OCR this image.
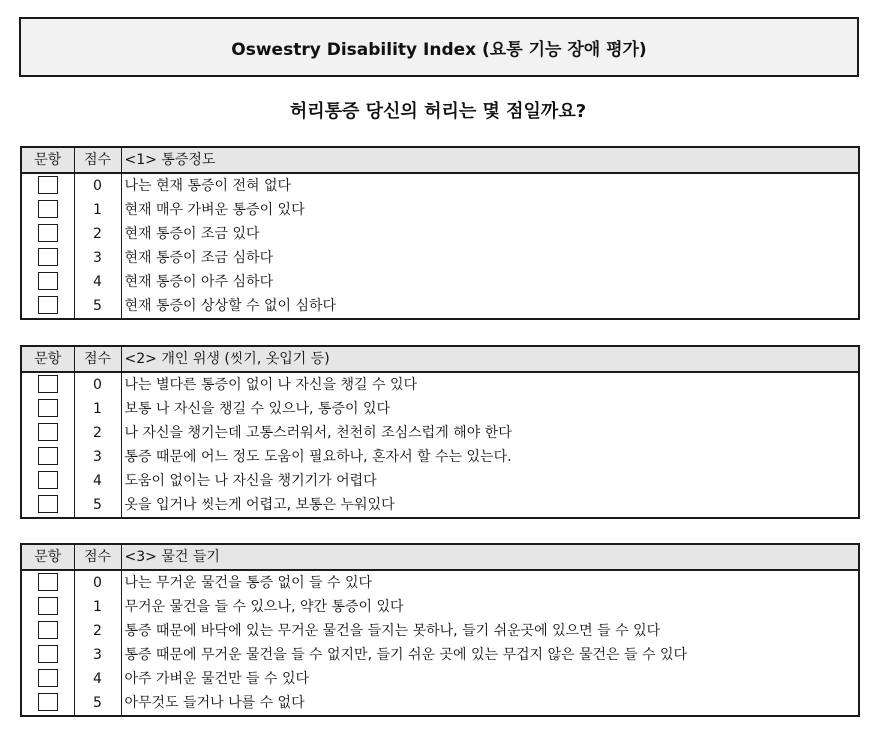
Oswestry Disability Index (요통 기능 장애 평가)
허리통증 당신의 허리는 몇 점일까요?
문항	점수	<1> 통증정도
	0	나는 현재 통증이 전혀 없다
	1	현재 매우 가벼운 통증이 있다
	2	현재 통증이 조금 있다
	3	현재 통증이 조금 심하다
	4	현재 통증이 아주 심하다
	5	현재 통증이 상상할 수 없이 심하다
문항	점수	<2> 개인 위생 (씻기, 옷입기 등)
	0	나는 별다른 통증이 없이 나 자신을 챙길 수 있다
	1	보통 나 자신을 챙길 수 있으나, 통증이 있다
	2	나 자신을 챙기는데 고통스러워서, 천천히 조심스럽게 해야 한다
	3	통증 때문에 어느 정도 도움이 필요하나, 혼자서 할 수는 있는다.
	4	도움이 없이는 나 자신을 챙기기가 어렵다
	5	옷을 입거나 씻는게 어렵고, 보통은 누워있다
문항	점수	<3> 물건 들기
	0	나는 무거운 물건을 통증 없이 들 수 있다
	1	무거운 물건을 들 수 있으나, 약간 통증이 있다
	2	통증 때문에 바닥에 있는 무거운 물건을 들지는 못하나, 들기 쉬운곳에 있으면 들 수 있다
	3	통증 때문에 무거운 물건을 들 수 없지만, 들기 쉬운 곳에 있는 무겁지 않은 물건은 들 수 있다
	4	아주 가벼운 물건만 들 수 있다
	5	아무것도 들거나 나를 수 없다
